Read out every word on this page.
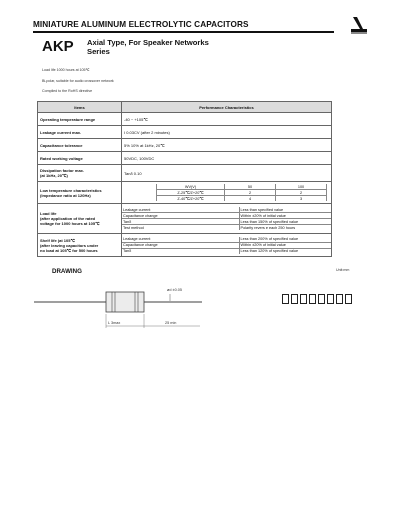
MINIATURE ALUMINUM ELECTROLYTIC CAPACITORS
AKP Axial Type, For Speaker Networks
Series
Load life 1000 hours at 105℃
Bi-polar, suitable for audio crossover network
Complied to the RoHS directive
Items	Performance Characteristics
Operating temperature range	-40 ~ +105℃
Leakage current max.	I 0.03CV (after 2 minutes)
Capacitance tolerance	5% 10% at 1kHz, 20℃
Rated working voltage	50VDC, 100VDC

Dissipation factor max.
(at 1kHz, 20℃)	Tanδ 0.10

Low temperature characteristics
(Impedance ratio at 120Hz)

WV(V)	50	100
Z-25℃/Z+20℃	2	2
Z-40℃/Z+20℃	4	3

Load life
(after application of the rated
voltage for 1000 hours at 105℃

Leakage current	Less than specified value
Capacitance change	Within ±20% of initial value
Tanδ	Less than 150% of specified value
Test method	Polarity revers e each 250 hours

Shelf life (at 105℃
(after leaving capacitors under
no load at 105℃ for 500 hours

Leakage current	Less than 200% of specified value
Capacitance change	Within ±20% of initial value
Tanδ	Less than 120% of specified value
DRAWING	Unit:mm
ød ±0.05
L 3max	25 min
